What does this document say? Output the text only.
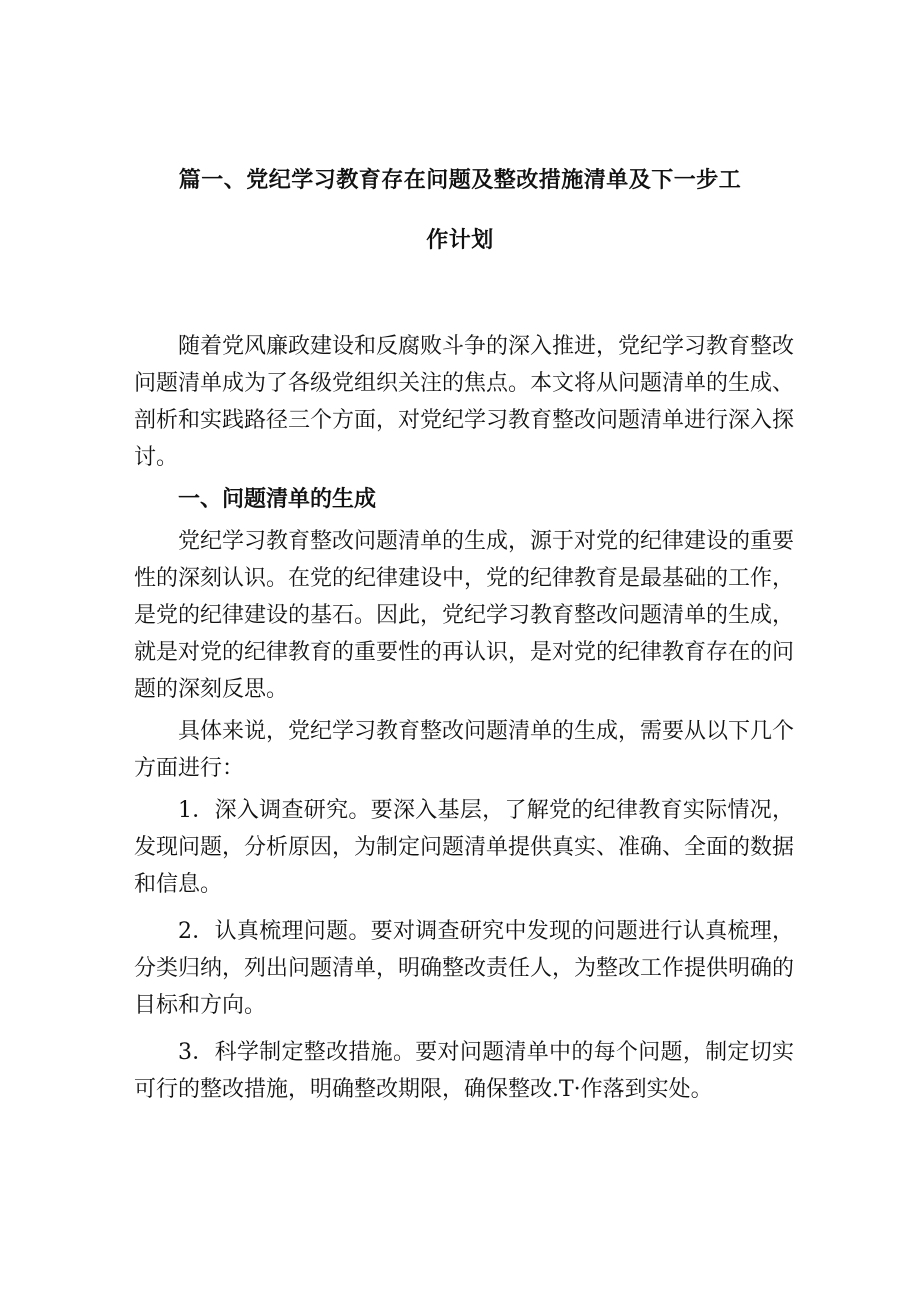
篇一、党纪学习教育存在问题及整改措施清单及下一步工
作计划

随着党风廉政建设和反腐败斗争的深入推进，党纪学习教育整改问题清单成为了各级党组织关注的焦点。本文将从问题清单的生成、剖析和实践路径三个方面，对党纪学习教育整改问题清单进行深入探讨。

一、问题清单的生成

党纪学习教育整改问题清单的生成，源于对党的纪律建设的重要性的深刻认识。在党的纪律建设中，党的纪律教育是最基础的工作，是党的纪律建设的基石。因此，党纪学习教育整改问题清单的生成，就是对党的纪律教育的重要性的再认识，是对党的纪律教育存在的问题的深刻反思。

具体来说，党纪学习教育整改问题清单的生成，需要从以下几个方面进行：

1．深入调查研究。要深入基层，了解党的纪律教育实际情况，发现问题，分析原因，为制定问题清单提供真实、准确、全面的数据和信息。

2．认真梳理问题。要对调查研究中发现的问题进行认真梳理，分类归纳，列出问题清单，明确整改责任人，为整改工作提供明确的目标和方向。

3．科学制定整改措施。要对问题清单中的每个问题，制定切实可行的整改措施，明确整改期限，确保整改.T·作落到实处。
